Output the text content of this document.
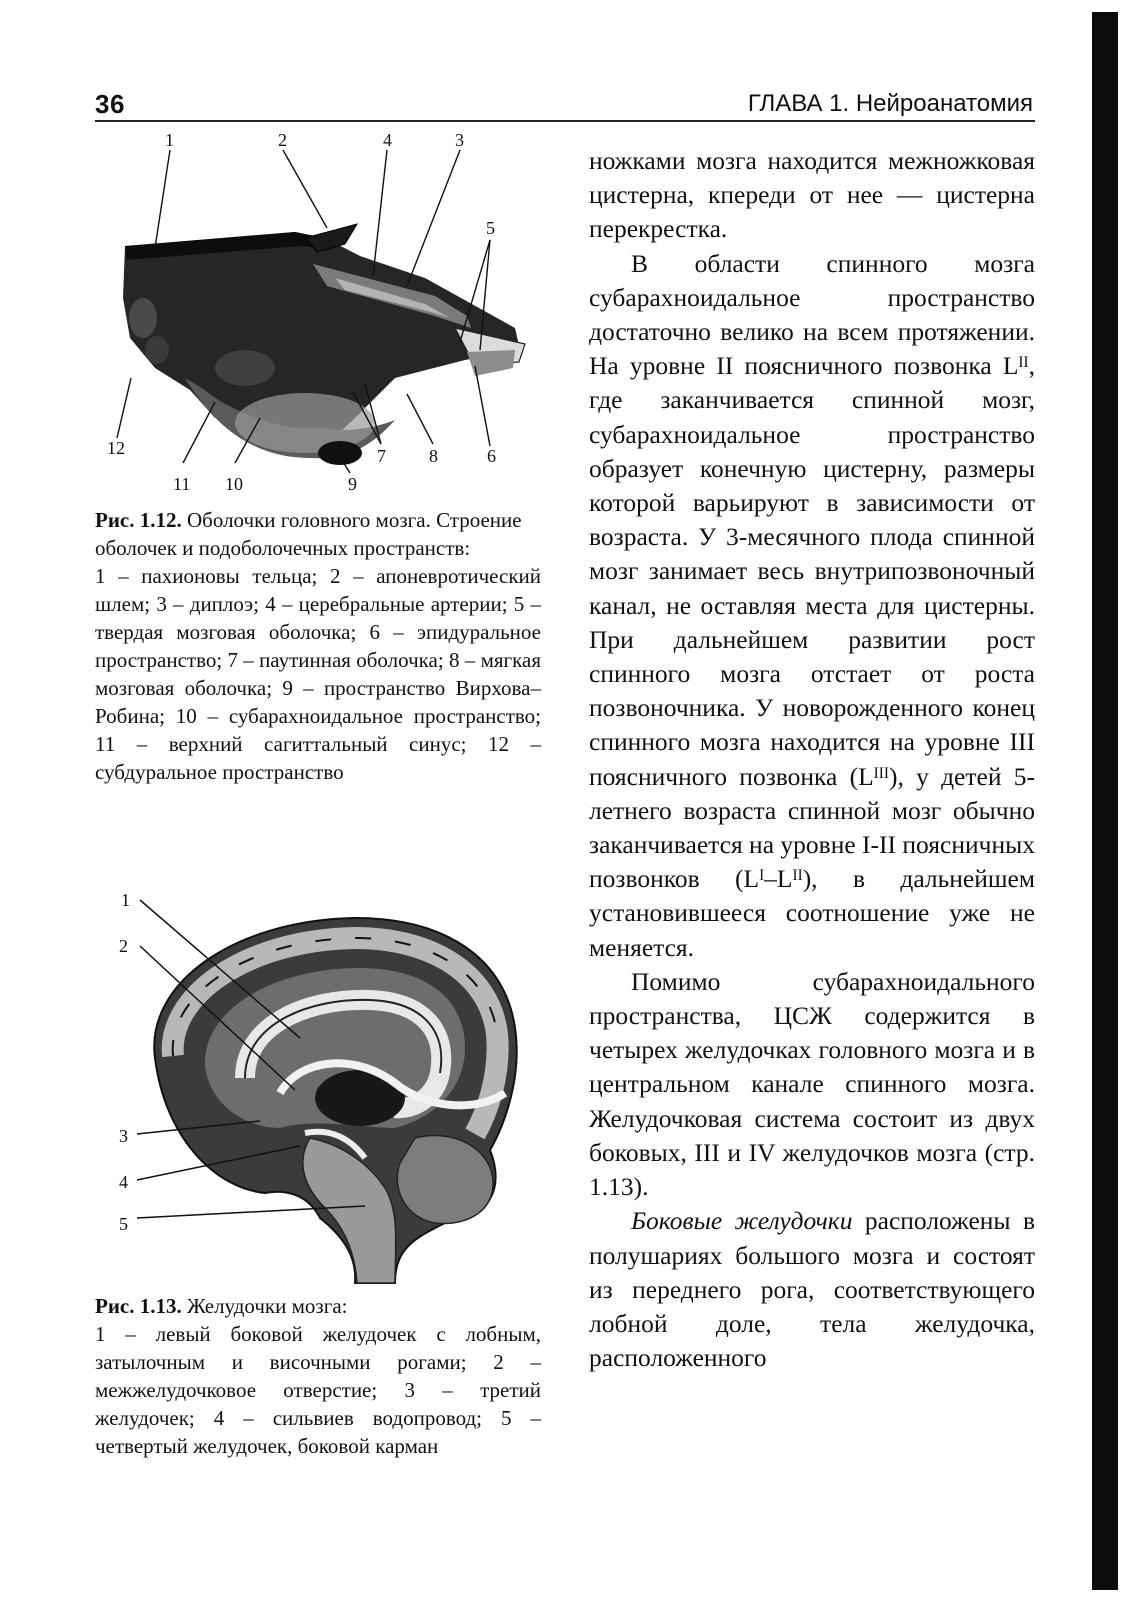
36	ГЛАВА 1. Нейроанатомия
1	2	3
4
5
6
7 8
9
10
11
12

Рис. 1.12. Оболочки головного мозга. Строение оболочек и подоболочечных пространств:

1 – пахионовы тельца; 2 – апоневротический шлем; 3 – диплоэ; 4 – церебральные артерии; 5 – твердая мозговая оболочка; 6 – эпидуральное пространство; 7 – паутинная оболочка; 8 – мягкая мозговая оболочка; 9 – пространство Вирхова–Робина; 10 – субарахноидальное пространство; 11 – верхний сагиттальный синус; 12 – субдуральное пространство

1
2
3
4
5

Рис. 1.13. Желудочки мозга:

1 – левый боковой желудочек с лобным, затылочным и височными рогами; 2 – межжелудочковое отверстие; 3 – третий желудочек; 4 – сильвиев водопровод; 5 – четвертый желудочек, боковой карман

ножками мозга находится межножковая цистерна, кпереди от нее — цистерна перекрестка.

В области спинного мозга субарахноидальное пространство достаточно велико на всем протяжении. На уровне II поясничного позвонка Lᴵᴵ, где заканчивается спинной мозг, субарахноидальное пространство образует конечную цистерну, размеры которой варьируют в зависимости от возраста. У 3-месячного плода спинной мозг занимает весь внутрипозвоночный канал, не оставляя места для цистерны. При дальнейшем развитии рост спинного мозга отстает от роста позвоночника. У новорожденного конец спинного мозга находится на уровне III поясничного позвонка (Lᴵᴵᴵ), у детей 5-летнего возраста спинной мозг обычно заканчивается на уровне I-II поясничных позвонков (Lᴵ–Lᴵᴵ), в дальнейшем установившееся соотношение уже не меняется.

Помимо субарахноидального пространства, ЦСЖ содержится в четырех желудочках головного мозга и в центральном канале спинного мозга. Желудочковая система состоит из двух боковых, III и IV желудочков мозга (стр. 1.13).

Боковые желудочки расположены в полушариях большого мозга и состоят из переднего рога, соответствующего лобной доле, тела желудочка, расположенного
